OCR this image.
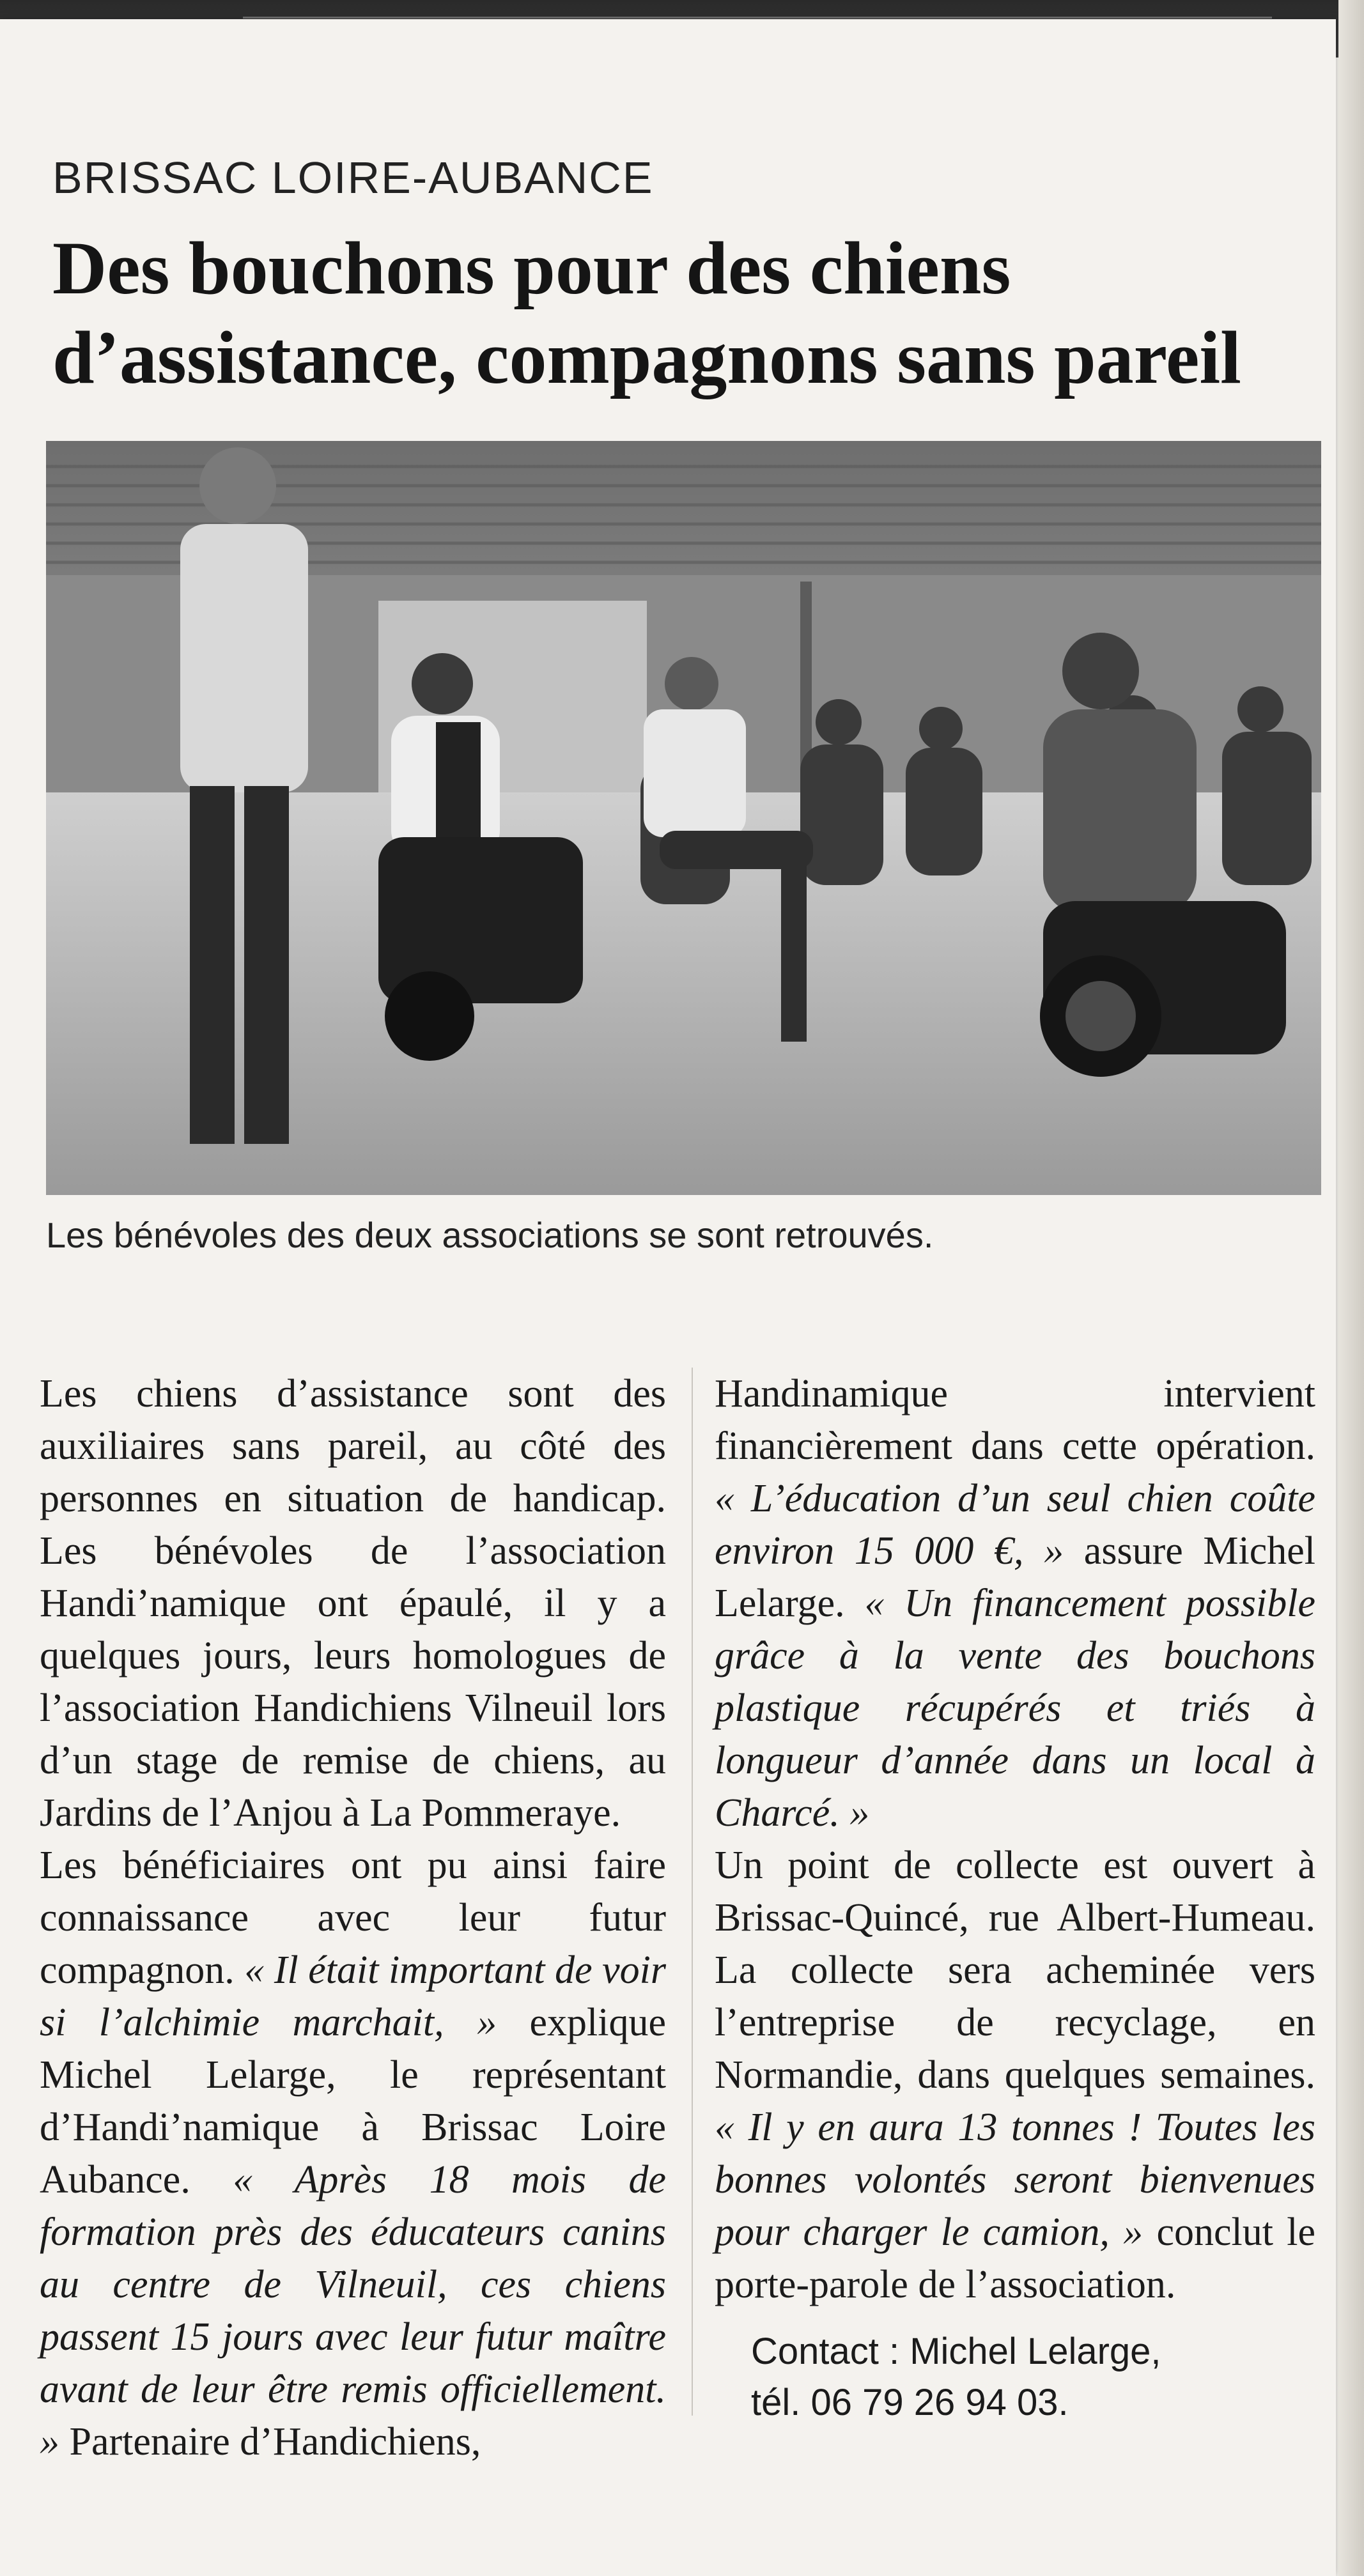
BRISSAC LOIRE-AUBANCE
Des bouchons pour des chiens
d’assistance, compagnons sans pareil

Les bénévoles des deux associations se sont retrouvés.

Les chiens d’assistance sont des auxiliaires sans pareil, au côté des personnes en situation de handicap. Les bénévoles de l’association Handi’namique ont épaulé, il y a quelques jours, leurs homologues de l’association Handichiens Vilneuil lors d’un stage de remise de chiens, au Jardins de l’Anjou à La Pommeraye.

Les bénéficiaires ont pu ainsi faire connaissance avec leur futur compagnon. « Il était important de voir si l’alchimie marchait, » explique Michel Lelarge, le représentant d’Handi’namique à Brissac Loire Aubance. « Après 18 mois de formation près des éducateurs canins au centre de Vilneuil, ces chiens passent 15 jours avec leur futur maître avant de leur être remis officiellement. » Partenaire d’Handichiens,

Handinamique intervient financièrement dans cette opération. « L’éducation d’un seul chien coûte environ 15 000 €, » assure Michel Lelarge. « Un financement possible grâce à la vente des bouchons plastique récupérés et triés à longueur d’année dans un local à Charcé. »

Un point de collecte est ouvert à Brissac-Quincé, rue Albert-Humeau. La collecte sera acheminée vers l’entreprise de recyclage, en Normandie, dans quelques semaines. « Il y en aura 13 tonnes ! Toutes les bonnes volontés seront bienvenues pour charger le camion, » conclut le porte-parole de l’association.

Contact : Michel Lelarge,
tél. 06 79 26 94 03.
